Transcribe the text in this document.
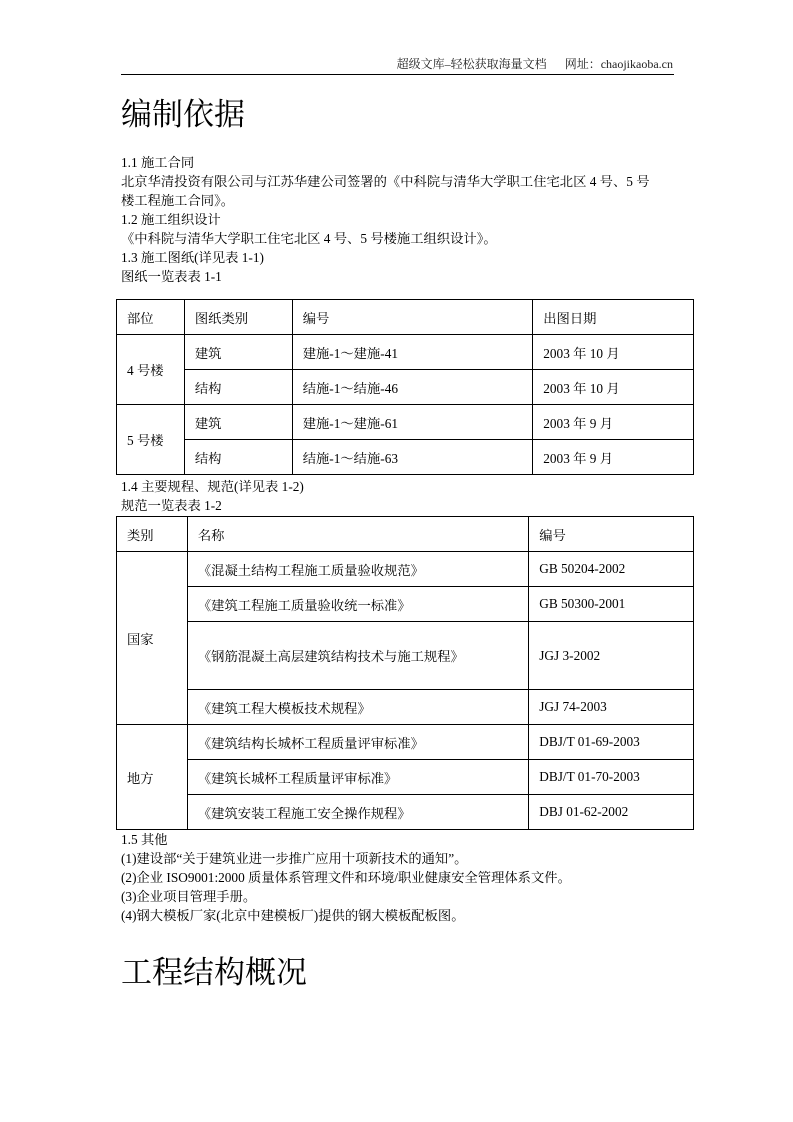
超级文库–轻松获取海量文档 网址：chaojikaoba.cn
编制依据
1.1 施工合同
北京华清投资有限公司与江苏华建公司签署的《中科院与清华大学职工住宅北区 4 号、5 号
楼工程施工合同》。
1.2 施工组织设计
《中科院与清华大学职工住宅北区 4 号、5 号楼施工组织设计》。
1.3 施工图纸(详见表 1-1)
图纸一览表表 1-1
部位	图纸类别	编号	出图日期
4 号楼	建筑	建施-1～建施-41	2003 年 10 月
	结构	结施-1～结施-46	2003 年 10 月
5 号楼	建筑	建施-1～建施-61	2003 年 9 月
	结构	结施-1～结施-63	2003 年 9 月
1.4 主要规程、规范(详见表 1-2)
规范一览表表 1-2
类别	名称	编号
国家	《混凝土结构工程施工质量验收规范》	GB 50204-2002
	《建筑工程施工质量验收统一标准》	GB 50300-2001
	《钢筋混凝土高层建筑结构技术与施工规程》	JGJ 3-2002
	《建筑工程大模板技术规程》	JGJ 74-2003
地方	《建筑结构长城杯工程质量评审标准》	DBJ/T 01-69-2003
	《建筑长城杯工程质量评审标准》	DBJ/T 01-70-2003
	《建筑安装工程施工安全操作规程》	DBJ 01-62-2002
1.5 其他
(1)建设部“关于建筑业进一步推广应用十项新技术的通知”。
(2)企业 ISO9001:2000 质量体系管理文件和环境/职业健康安全管理体系文件。
(3)企业项目管理手册。
(4)钢大模板厂家(北京中建模板厂)提供的钢大模板配板图。
工程结构概况
